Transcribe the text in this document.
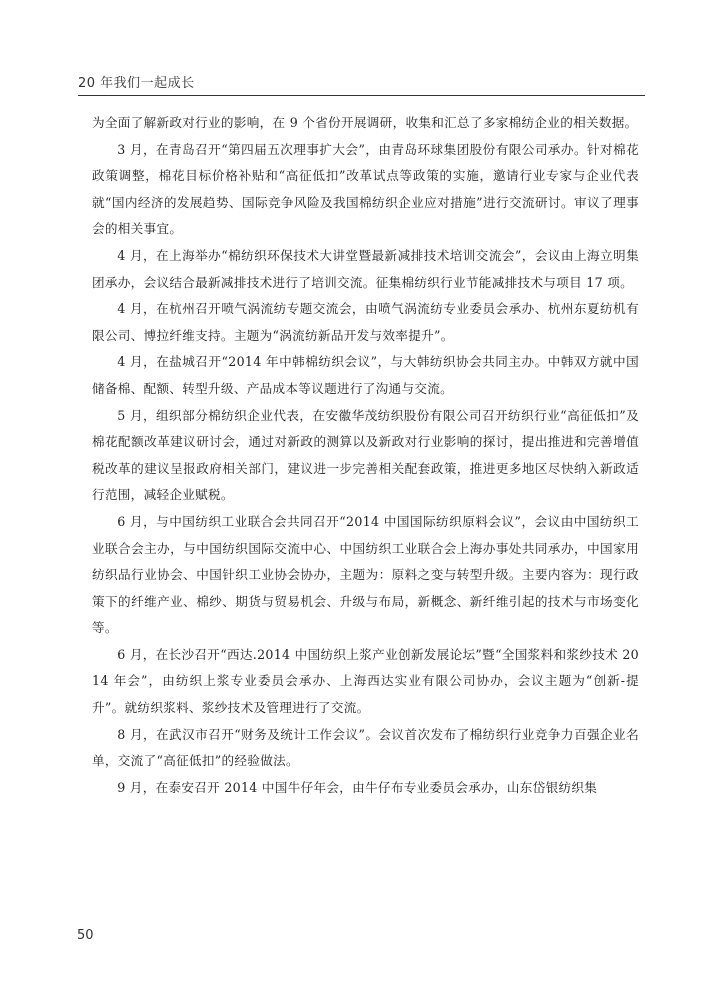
20 年我们一起成长

为全面了解新政对行业的影响，在 9 个省份开展调研，收集和汇总了多家棉纺企业的相关数据。

3 月，在青岛召开“第四届五次理事扩大会”，由青岛环球集团股份有限公司承办。针对棉花政策调整，棉花目标价格补贴和“高征低扣”改革试点等政策的实施，邀请行业专家与企业代表就“国内经济的发展趋势、国际竞争风险及我国棉纺织企业应对措施”进行交流研讨。审议了理事会的相关事宜。

4 月，在上海举办“棉纺织环保技术大讲堂暨最新减排技术培训交流会”，会议由上海立明集团承办，会议结合最新减排技术进行了培训交流。征集棉纺织行业节能减排技术与项目 17 项。

4 月，在杭州召开喷气涡流纺专题交流会，由喷气涡流纺专业委员会承办、杭州东夏纺机有限公司、博拉纤维支持。主题为“涡流纺新品开发与效率提升”。

4 月，在盐城召开“2014 年中韩棉纺织会议”，与大韩纺织协会共同主办。中韩双方就中国储备棉、配额、转型升级、产品成本等议题进行了沟通与交流。

5 月，组织部分棉纺织企业代表，在安徽华茂纺织股份有限公司召开纺织行业“高征低扣”及棉花配额改革建议研讨会，通过对新政的测算以及新政对行业影响的探讨，提出推进和完善增值税改革的建议呈报政府相关部门，建议进一步完善相关配套政策，推进更多地区尽快纳入新政适行范围，减轻企业赋税。

6 月，与中国纺织工业联合会共同召开“2014 中国国际纺织原料会议”，会议由中国纺织工业联合会主办，与中国纺织国际交流中心、中国纺织工业联合会上海办事处共同承办，中国家用纺织品行业协会、中国针织工业协会协办，主题为：原料之变与转型升级。主要内容为：现行政策下的纤维产业、棉纱、期货与贸易机会、升级与布局，新概念、新纤维引起的技术与市场变化等。

6 月，在长沙召开“西达.2014 中国纺织上浆产业创新发展论坛”暨“全国浆料和浆纱技术 2014 年会”，由纺织上浆专业委员会承办、上海西达实业有限公司协办，会议主题为“创新-提升”。就纺织浆料、浆纱技术及管理进行了交流。

8 月，在武汉市召开“财务及统计工作会议”。会议首次发布了棉纺织行业竞争力百强企业名单，交流了“高征低扣”的经验做法。

9 月，在泰安召开 2014 中国牛仔年会，由牛仔布专业委员会承办，山东岱银纺织集

50
